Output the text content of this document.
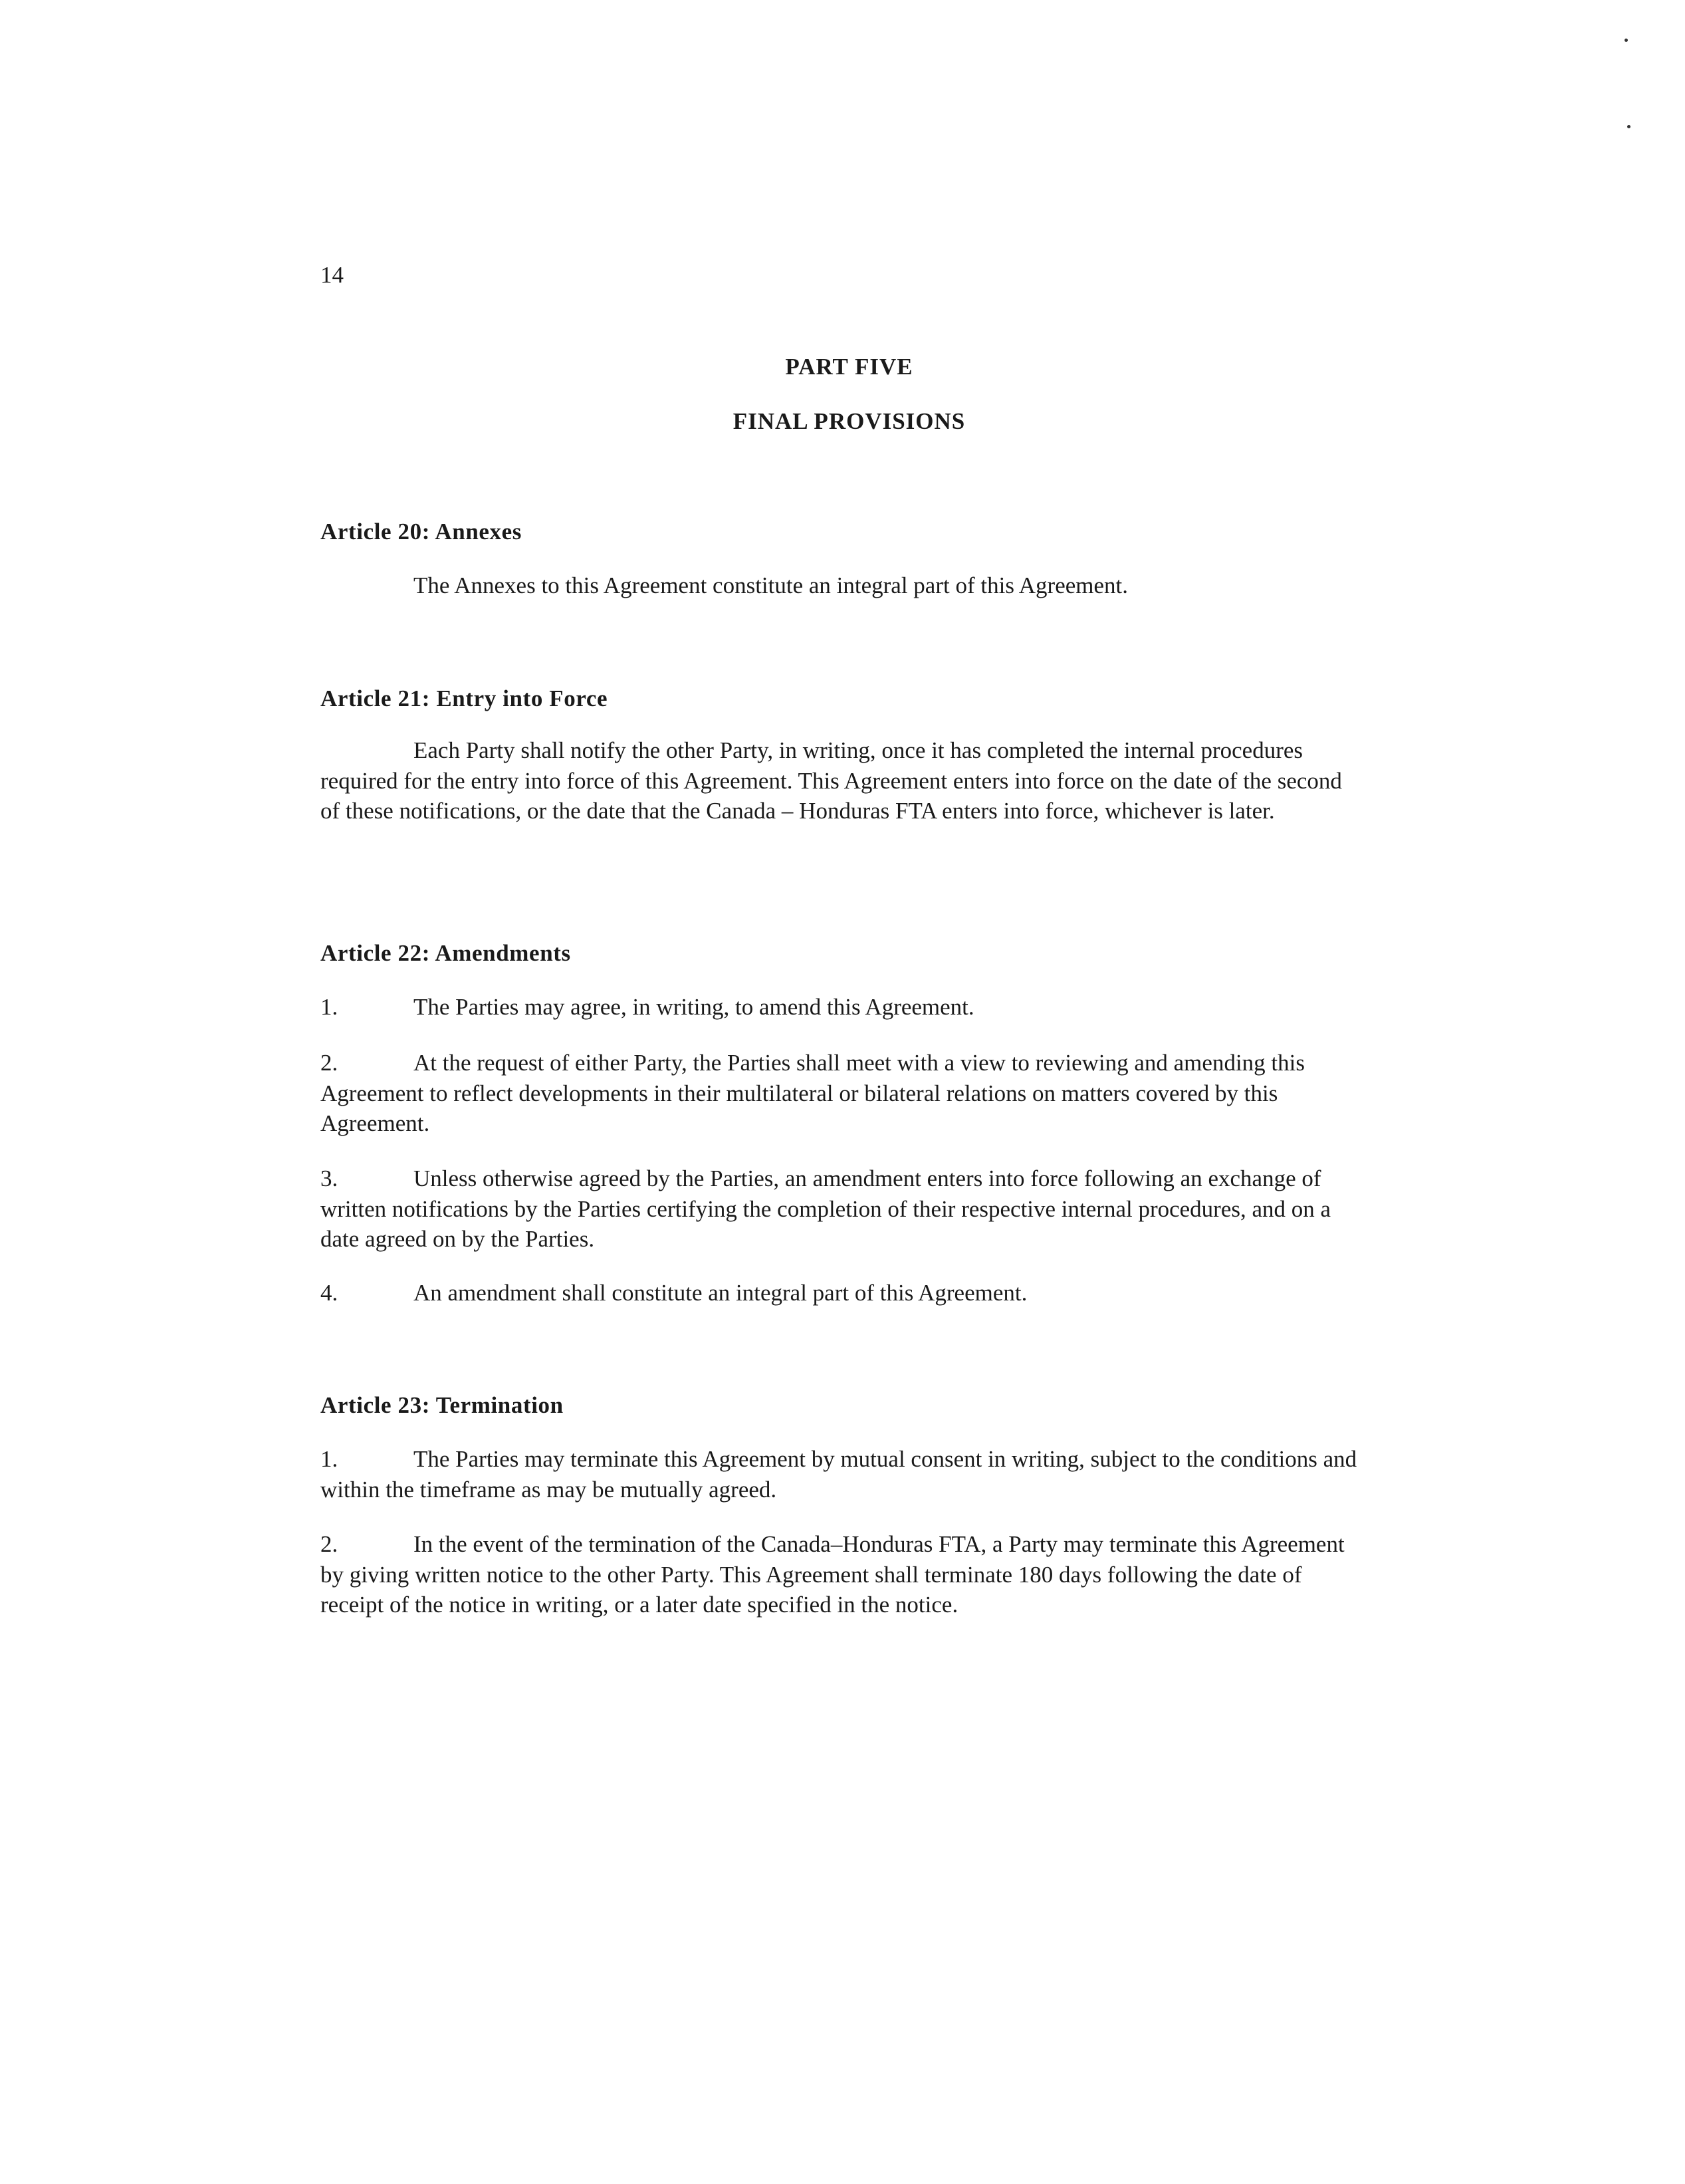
14
PART FIVE
FINAL PROVISIONS
Article 20: Annexes

The Annexes to this Agreement constitute an integral part of this Agreement.

Article 21: Entry into Force

Each Party shall notify the other Party, in writing, once it has completed the internal procedures required for the entry into force of this Agreement. This Agreement enters into force on the date of the second of these notifications, or the date that the Canada – Honduras FTA enters into force, whichever is later.

Article 22: Amendments

1.	The Parties may agree, in writing, to amend this Agreement.

2.	At the request of either Party, the Parties shall meet with a view to reviewing and amending this Agreement to reflect developments in their multilateral or bilateral relations on matters covered by this Agreement.

3.	Unless otherwise agreed by the Parties, an amendment enters into force following an exchange of written notifications by the Parties certifying the completion of their respective internal procedures, and on a date agreed on by the Parties.

4.	An amendment shall constitute an integral part of this Agreement.

Article 23: Termination

1.	The Parties may terminate this Agreement by mutual consent in writing, subject to the conditions and within the timeframe as may be mutually agreed.

2.	In the event of the termination of the Canada–Honduras FTA, a Party may terminate this Agreement by giving written notice to the other Party. This Agreement shall terminate 180 days following the date of receipt of the notice in writing, or a later date specified in the notice.
